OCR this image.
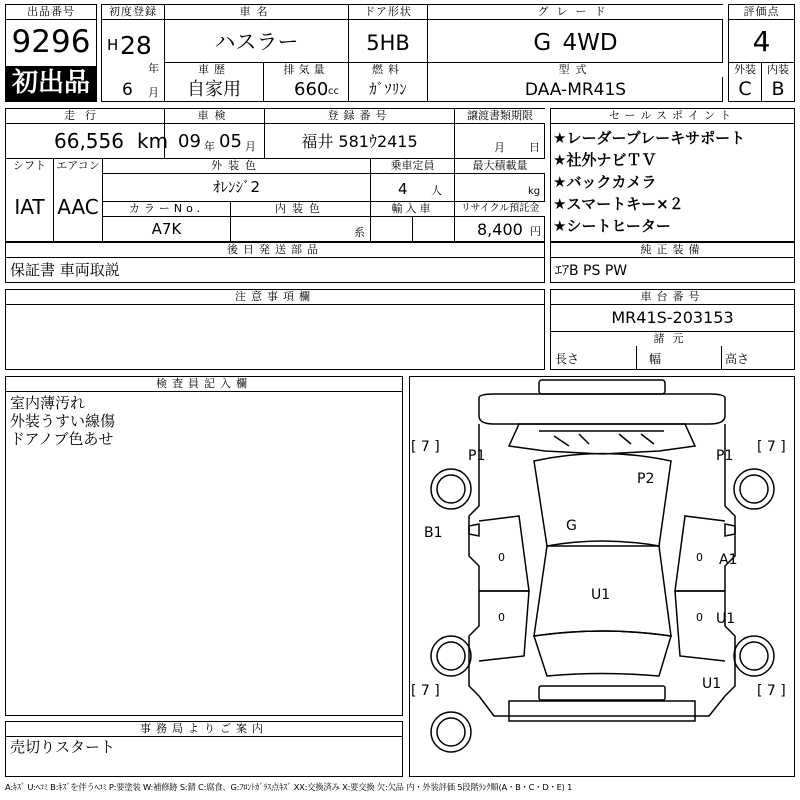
出品番号
9296
初出品
初度登録
H 28
年
6 月
車名
ハスラー
車歴
自家用
排気量
660 cc
ドア形状
5HB
燃料
ｶﾞｿﾘﾝ
グレード
G 4WD
型式
DAA-MR41S
評価点
4
外装	内装
C	B
走行
66,556 km
車検
09 年 05 月
登録番号
福井 581ｳ2415
譲渡書類期限
月 日
シフト
IAT
エアコン
AAC
外装色
ｵﾚﾝｼﾞ2
乗車定員
4 人
最大積載量
kg
カラーNo.
A7K
内装色
系
輸入車	リサイクル預託金
8,400 円
セールスポイント
★レーダーブレーキサポート
★社外ナビＴＶ
★バックカメラ
★スマートキー×２
★シートヒーター
後日発送部品
保証書 車両取説
純正装備
ｴｱB PS PW
注意事項欄	車台番号
MR41S-203153
諸元
長さ	幅	高さ
検査員記入欄
室内薄汚れ
外装うすい線傷
ドアノブ色あせ
事務局よりご案内
売切りスタート
P1	P1
P2
G
B1
A1
U1
U1
U1
0	0
0	0
[ 7 ]	[ 7 ]
[ 7 ]	[ 7 ]
A:ｷｽﾞ U:ﾍｺﾐ B:ｷｽﾞを伴うﾍｺﾐ P:要塗装 W:補修跡 S:錆 C:腐食、G:ﾌﾛﾝﾄｶﾞﾗｽ点ｷｽﾞ XX:交換済み X:要交換 欠:欠品 内・外装評価 5段階ﾗﾝｸ順(A・B・C・D・E) 1
